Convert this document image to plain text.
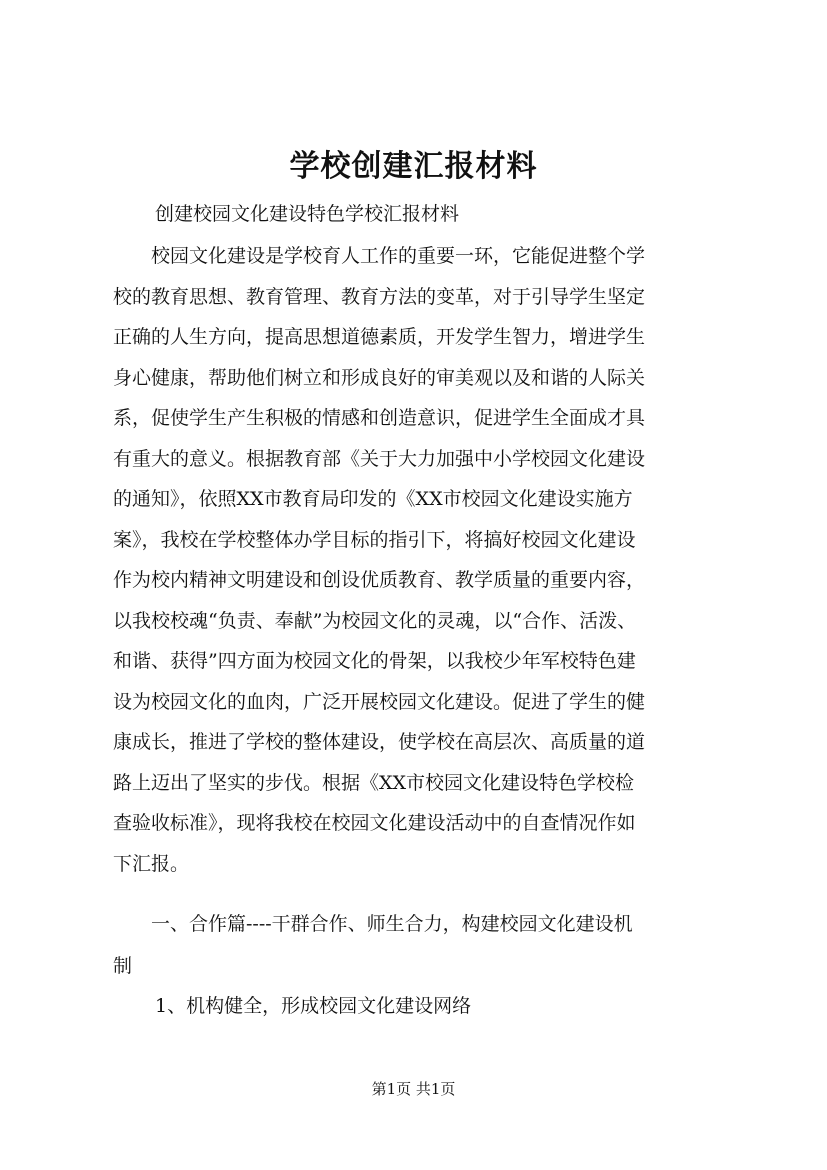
学校创建汇报材料
创建校园文化建设特色学校汇报材料
　　校园文化建设是学校育人工作的重要一环，它能促进整个学
校的教育思想、教育管理、教育方法的变革，对于引导学生坚定
正确的人生方向，提高思想道德素质，开发学生智力，增进学生
身心健康，帮助他们树立和形成良好的审美观以及和谐的人际关
系，促使学生产生积极的情感和创造意识，促进学生全面成才具
有重大的意义。根据教育部《关于大力加强中小学校园文化建设
的通知》，依照XX市教育局印发的《XX市校园文化建设实施方
案》，我校在学校整体办学目标的指引下，将搞好校园文化建设
作为校内精神文明建设和创设优质教育、教学质量的重要内容，
以我校校魂“负责、奉献”为校园文化的灵魂，以“合作、活泼、
和谐、获得”四方面为校园文化的骨架，以我校少年军校特色建
设为校园文化的血肉，广泛开展校园文化建设。促进了学生的健
康成长，推进了学校的整体建设，使学校在高层次、高质量的道
路上迈出了坚实的步伐。根据《XX市校园文化建设特色学校检
查验收标准》，现将我校在校园文化建设活动中的自查情况作如
下汇报。
　　一、合作篇----干群合作、师生合力，构建校园文化建设机
制
1、机构健全，形成校园文化建设网络
第1页 共1页
